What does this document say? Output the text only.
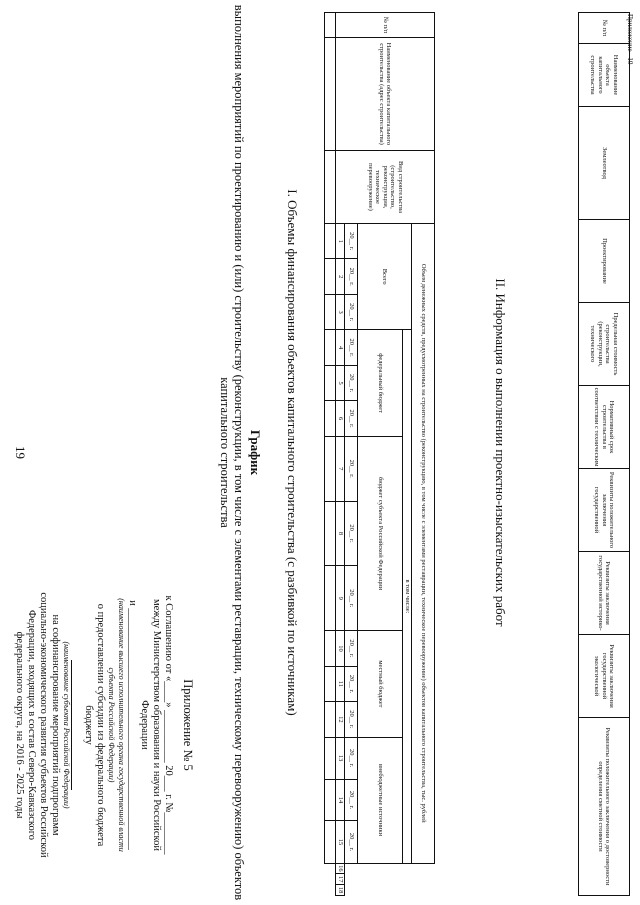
Приложение - 10
№ п/п	Наименование объекта капитального строительства	Землеотвод	Проектирование	Предельная стоимость строительства (реконструкции, технического	Нормативный срок строительства в соответствии с техническим	Реквизиты положительного заключения государственной	Реквизиты заключения государственной историко-	Реквизиты заключения государственной экологической	Реквизиты положительного заключения о достоверности определения сметной стоимости
II. Информация о выполнении проектно-изыскательских работ
№ п/п	Наименование объекта капитального строительства (адрес строительства)	Вид строительства (строительство, реконструкция, техническое перевооружение)	Объем денежных средств, предусмотренных на строительство (реконструкцию, в том числе с элементами реставрации, техническое перевооружение) объектов капитального строительства, тыс. рублей																	
			Всего			в том числе:														
						федеральный бюджет			бюджет субъекта Российской Федерации			местный бюджет			внебюджетные источники					
			20__ г.	20__ г.	20__ г.	20__ г.	20__ г.	20__ г.	20__ г.	20__ г.	20__ г.	20__ г.	20__ г.	20__ г.	20__ г.	20__ г.	20__ г.			
			1	2	3	4	5	6	7	8	9	10	11	12	13	14	15	16	17	18

I. Объемы финансирования объектов капитального строительства (с разбивкой по источникам)
График
выполнения мероприятий по проектированию и (или) строительству (реконструкции, в том числе с элементами реставрации, техническому перевооружению) объектов капитального строительства
Приложение № 5
к Соглашению от «____» __________ 20___ г. №________
между Министерством образования и науки Российской Федерации
и ______________________________________________
(наименование высшего исполнительного органа государственной власти субъекта Российской Федерации)
о предоставлении субсидии из федерального бюджета бюджету
(наименование субъекта Российской Федерации)
на софинансирование мероприятий подпрограмм социально-экономического развития субъектов Российской Федерации, входящих в состав Северо-Кавказского федерального округа, на 2016 - 2025 годы
19
